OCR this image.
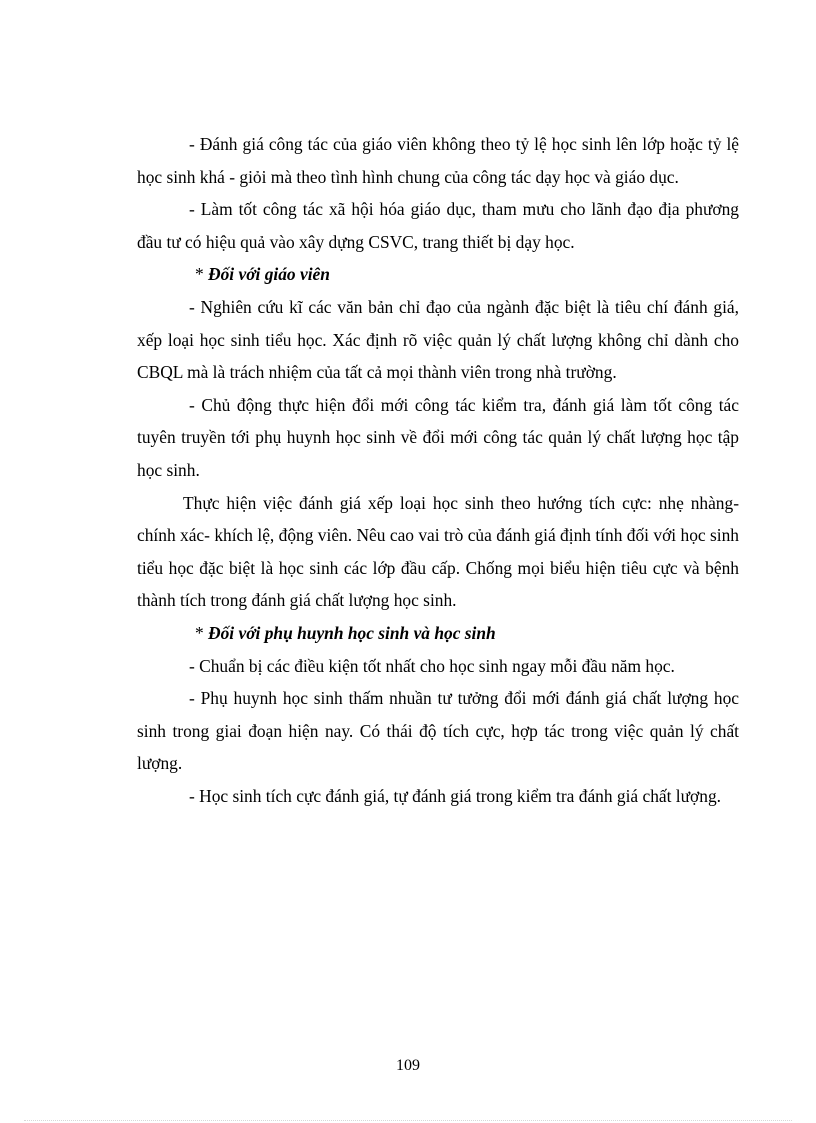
- Đánh giá công tác của giáo viên không theo tỷ lệ học sinh lên lớp hoặc tỷ lệ học sinh khá - giỏi mà theo tình hình chung của công tác dạy học và giáo dục.

- Làm tốt công tác xã hội hóa giáo dục, tham mưu cho lãnh đạo địa phương đầu tư có hiệu quả vào xây dựng CSVC, trang thiết bị dạy học.

* Đối với giáo viên

- Nghiên cứu kĩ các văn bản chỉ đạo của ngành đặc biệt là tiêu chí đánh giá, xếp loại học sinh tiểu học. Xác định rõ việc quản lý chất lượng không chỉ dành cho CBQL mà là trách nhiệm của tất cả mọi thành viên trong nhà trường.

- Chủ động thực hiện đổi mới công tác kiểm tra, đánh giá làm tốt công tác tuyên truyền tới phụ huynh học sinh về đổi mới công tác quản lý chất lượng học tập học sinh.

Thực hiện việc đánh giá xếp loại học sinh theo hướng tích cực: nhẹ nhàng- chính xác- khích lệ, động viên. Nêu cao vai trò của đánh giá định tính đối với học sinh tiểu học đặc biệt là học sinh các lớp đầu cấp. Chống mọi biểu hiện tiêu cực và bệnh thành tích trong đánh giá chất lượng học sinh.

* Đối với phụ huynh học sinh và học sinh

- Chuẩn bị các điều kiện tốt nhất cho học sinh ngay mỗi đầu năm học.

- Phụ huynh học sinh thấm nhuần tư tưởng đổi mới đánh giá chất lượng học sinh trong giai đoạn hiện nay. Có thái độ tích cực, hợp tác trong việc quản lý chất lượng.

- Học sinh tích cực đánh giá, tự đánh giá trong kiểm tra đánh giá chất lượng.

109
